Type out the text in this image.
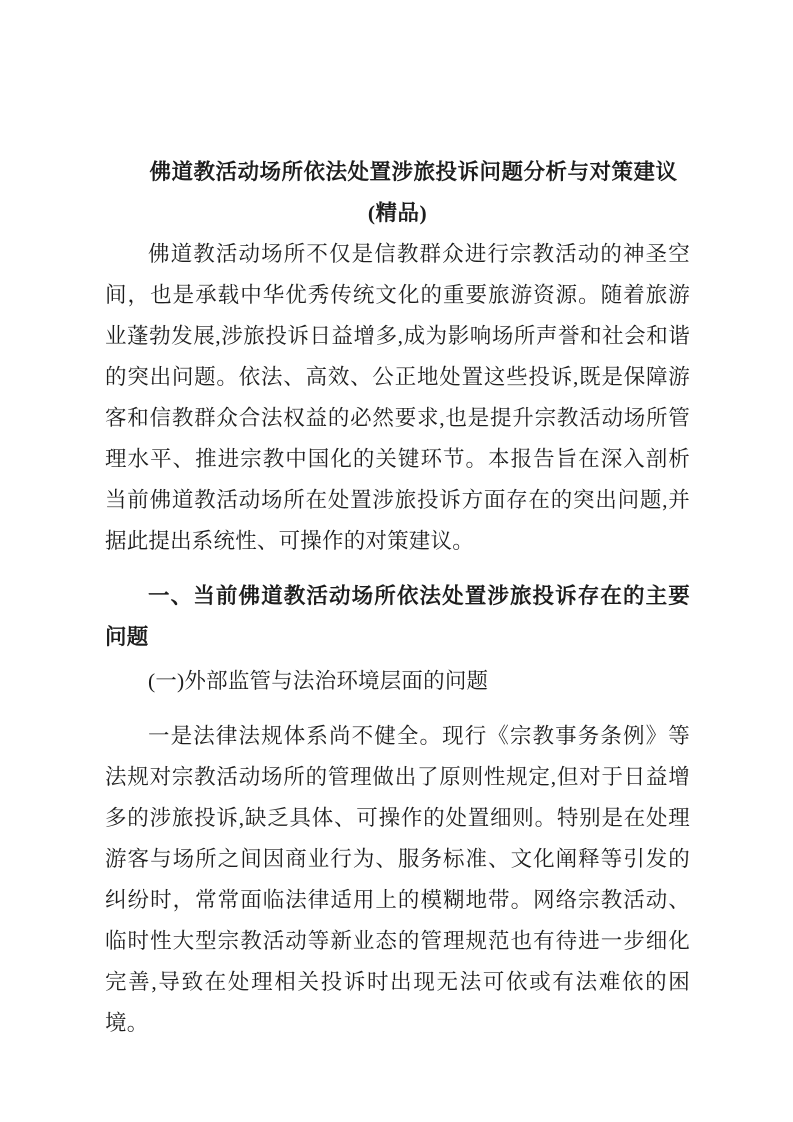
佛道教活动场所依法处置涉旅投诉问题分析与对策建议
(精品)

佛道教活动场所不仅是信教群众进行宗教活动的神圣空间，也是承载中华优秀传统文化的重要旅游资源。随着旅游业蓬勃发展,涉旅投诉日益增多,成为影响场所声誉和社会和谐的突出问题。依法、高效、公正地处置这些投诉,既是保障游客和信教群众合法权益的必然要求,也是提升宗教活动场所管理水平、推进宗教中国化的关键环节。本报告旨在深入剖析当前佛道教活动场所在处置涉旅投诉方面存在的突出问题,并据此提出系统性、可操作的对策建议。

一、当前佛道教活动场所依法处置涉旅投诉存在的主要问题

(一)外部监管与法治环境层面的问题

一是法律法规体系尚不健全。现行《宗教事务条例》等法规对宗教活动场所的管理做出了原则性规定,但对于日益增多的涉旅投诉,缺乏具体、可操作的处置细则。特别是在处理游客与场所之间因商业行为、服务标准、文化阐释等引发的纠纷时，常常面临法律适用上的模糊地带。网络宗教活动、临时性大型宗教活动等新业态的管理规范也有待进一步细化完善,导致在处理相关投诉时出现无法可依或有法难依的困境。
